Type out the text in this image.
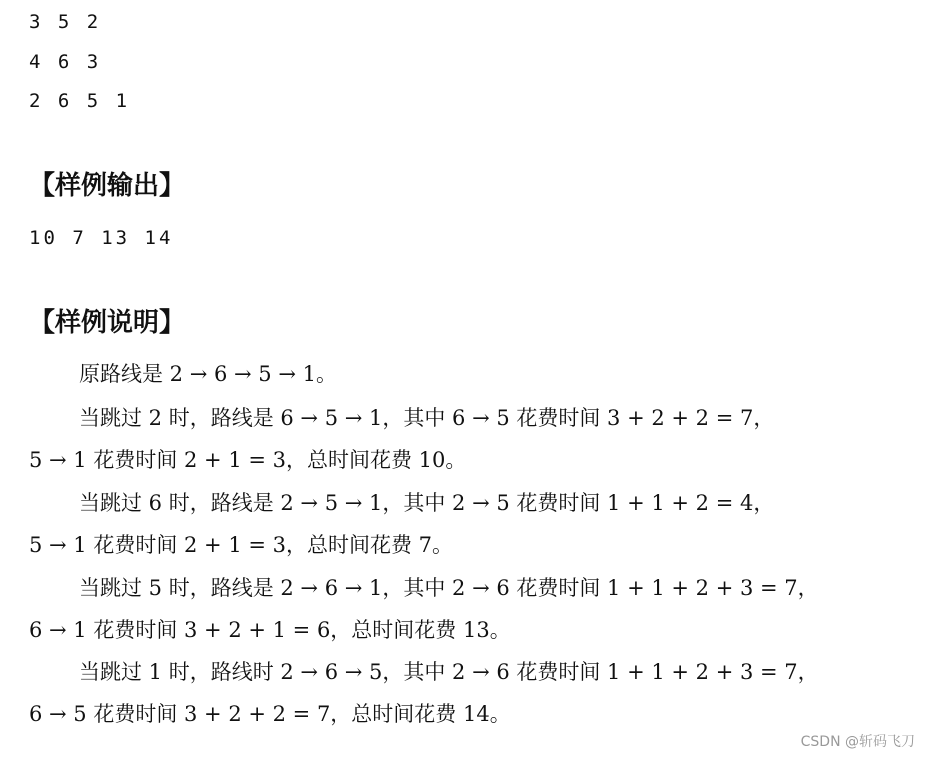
3 5 2
4 6 3
2 6 5 1
【样例输出】
10 7 13 14
【样例说明】
原路线是 2 → 6 → 5 → 1。
当跳过 2 时，路线是 6 → 5 → 1，其中 6 → 5 花费时间 3 + 2 + 2 = 7，
5 → 1 花费时间 2 + 1 = 3，总时间花费 10。
当跳过 6 时，路线是 2 → 5 → 1，其中 2 → 5 花费时间 1 + 1 + 2 = 4，
5 → 1 花费时间 2 + 1 = 3，总时间花费 7。
当跳过 5 时，路线是 2 → 6 → 1，其中 2 → 6 花费时间 1 + 1 + 2 + 3 = 7，
6 → 1 花费时间 3 + 2 + 1 = 6，总时间花费 13。
当跳过 1 时，路线时 2 → 6 → 5，其中 2 → 6 花费时间 1 + 1 + 2 + 3 = 7，
6 → 5 花费时间 3 + 2 + 2 = 7，总时间花费 14。
CSDN @斩码飞刀
